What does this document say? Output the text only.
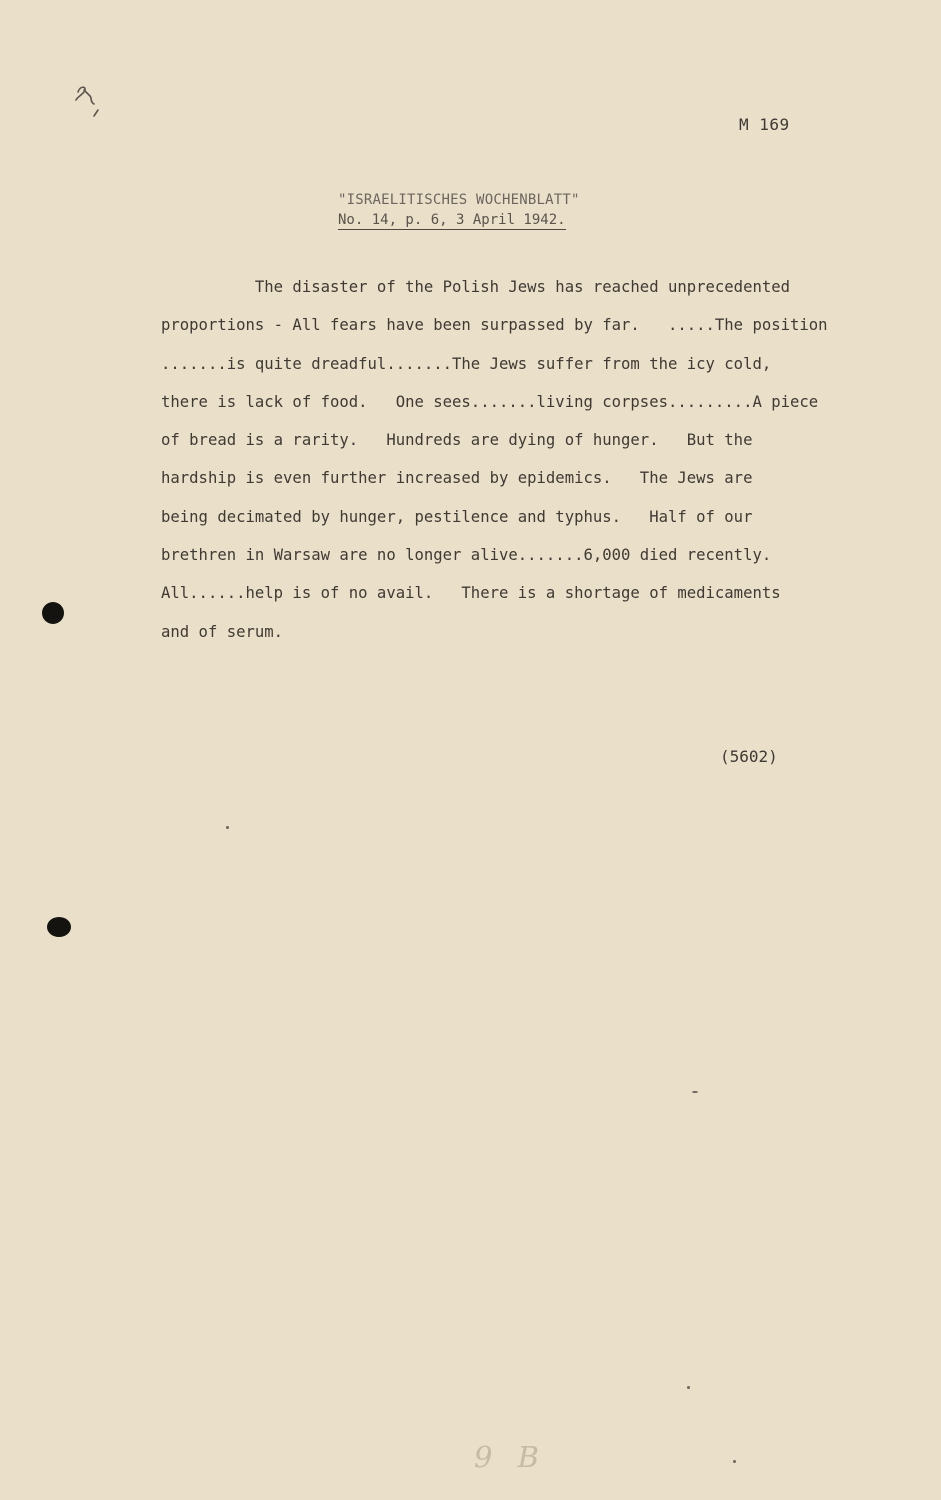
M 169
"ISRAELITISCHES WOCHENBLATT"
No. 14, p. 6, 3 April 1942.
The disaster of the Polish Jews has reached unprecedented
proportions - All fears have been surpassed by far.   .....The position
.......is quite dreadful.......The Jews suffer from the icy cold,
there is lack of food.   One sees.......living corpses.........A piece
of bread is a rarity.   Hundreds are dying of hunger.   But the
hardship is even further increased by epidemics.   The Jews are
being decimated by hunger, pestilence and typhus.   Half of our
brethren in Warsaw are no longer alive.......6,000 died recently.
All......help is of no avail.   There is a shortage of medicaments
and of serum.
(5602)
9 B
